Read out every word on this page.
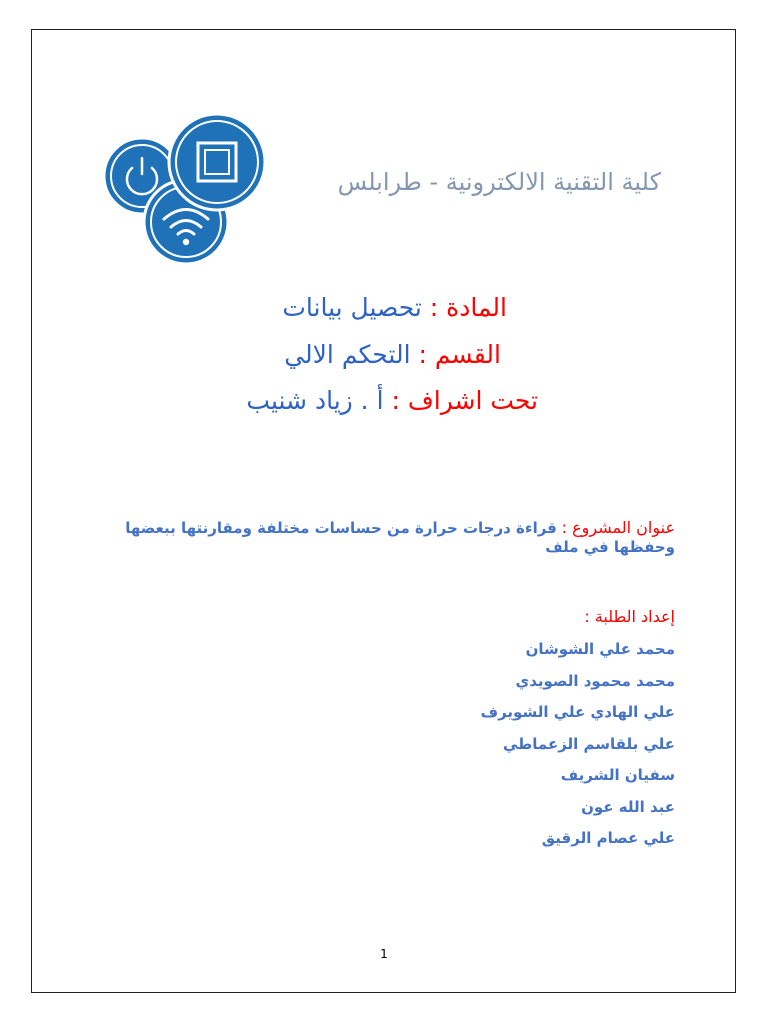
كلية التقنية الالكترونية - طرابلس
المادة : تحصيل بيانات
القسم : التحكم الالي
تحت اشراف : أ . زياد شنيب
عنوان المشروع : قراءة درجات حرارة من حساسات مختلفة ومقارنتها ببعضها وحفظها في ملف
إعداد الطلبة :
محمد علي الشوشان
محمد محمود الصويدي
علي الهادي علي الشويرف
علي بلقاسم الزعماطي
سفيان الشريف
عبد الله عون
علي عصام الرقيق
1
